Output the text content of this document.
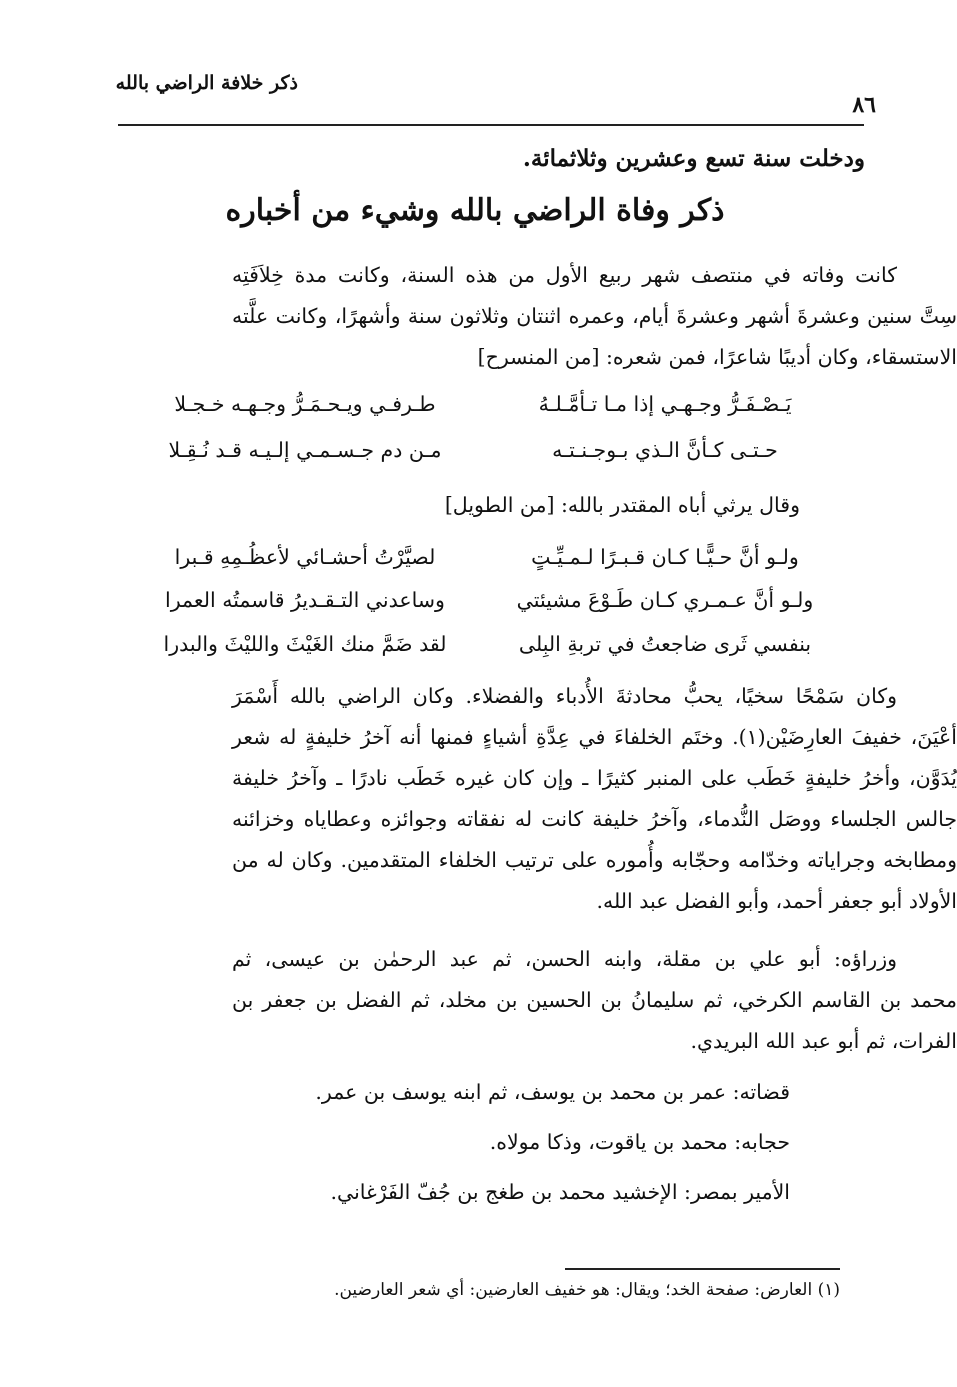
ذكر خلافة الراضي بالله
٨٦
ودخلت سنة تسع وعشرين وثلاثمائة.
ذكر وفاة الراضي بالله وشيء من أخباره
كانت وفاته في منتصف شهر ربيع الأول من هذه السنة، وكانت مدة خِلاَفَتِه
سِتَّ سنين وعشرةَ أشهر وعشرةَ أيام، وعمره اثنتان وثلاثون سنة وأشهرًا، وكانت علَّته
الاستسقاء، وكان أديبًا شاعرًا، فمن شعره: [من المنسرح]
يَـصْـفَـرُّ وجـهـي إذا مـا تـأمَّـلـهُ
طـرفـي ويـحـمَـرُّ وجـهـه خـجـلا
حـتـى كـأنَّ الـذي بـوجـنـتـه
مـن دم جـسـمـي إلـيـه قـد نُـقِـلا
وقال يرثي أباه المقتدر بالله: [من الطويل]
ولـو أنَّ حـيًّـا كـان قـبـرًا لـمـيِّـتٍ
لصيَّرْتُ أحشـائي لأعظُـمِهِ قـبرا
ولـو أنَّ عـمـري كـان طَـوْعَ مشيئتي
وساعدني التـقـديرُ قاسمتُه العمرا
بنفسي ثَرى ضاجعتُ في تربةِ البِلى
لقد ضَمَّ منك الغَيْثَ والليْثَ والبدرا
وكان سَمْحًا سخيًا، يحبُّ محادثةَ الأُدباء والفضلاء. وكان الراضي بالله أَسْمَرَ
أعْيَنَ، خفيفَ العارِضَيْن(١). وختَم الخلفاءَ في عِدَّةِ أشياءٍ فمنها أنه آخرُ خليفةٍ له شعر
يُدَوَّن، وأخرُ خليفةٍ خَطَب على المنبر كثيرًا ـ وإن كان غيره خَطَب نادرًا ـ وآخرُ خليفة
جالس الجلساء ووصَل النُّدماء، وآخرُ خليفة كانت له نفقاته وجوائزه وعطاياه وخزائنه
ومطابخه وجراياته وخدّامه وحجّابه وأُموره على ترتيب الخلفاء المتقدمين. وكان له من
الأولاد أبو جعفر أحمد، وأبو الفضل عبد الله.
وزراؤه: أبو علي بن مقلة، وابنه الحسن، ثم عبد الرحمٰن بن عيسى، ثم
محمد بن القاسم الكرخي، ثم سليمانُ بن الحسين بن مخلد، ثم الفضل بن جعفر بن
الفرات، ثم أبو عبد الله البريدي.
قضاته: عمر بن محمد بن يوسف، ثم ابنه يوسف بن عمر.
حجابه: محمد بن ياقوت، وذكا مولاه.
الأمير بمصر: الإخشيد محمد بن طغج بن جُفّ الفَرْغاني.
(١) العارض: صفحة الخد؛ ويقال: هو خفيف العارضين: أي شعر العارضين.
